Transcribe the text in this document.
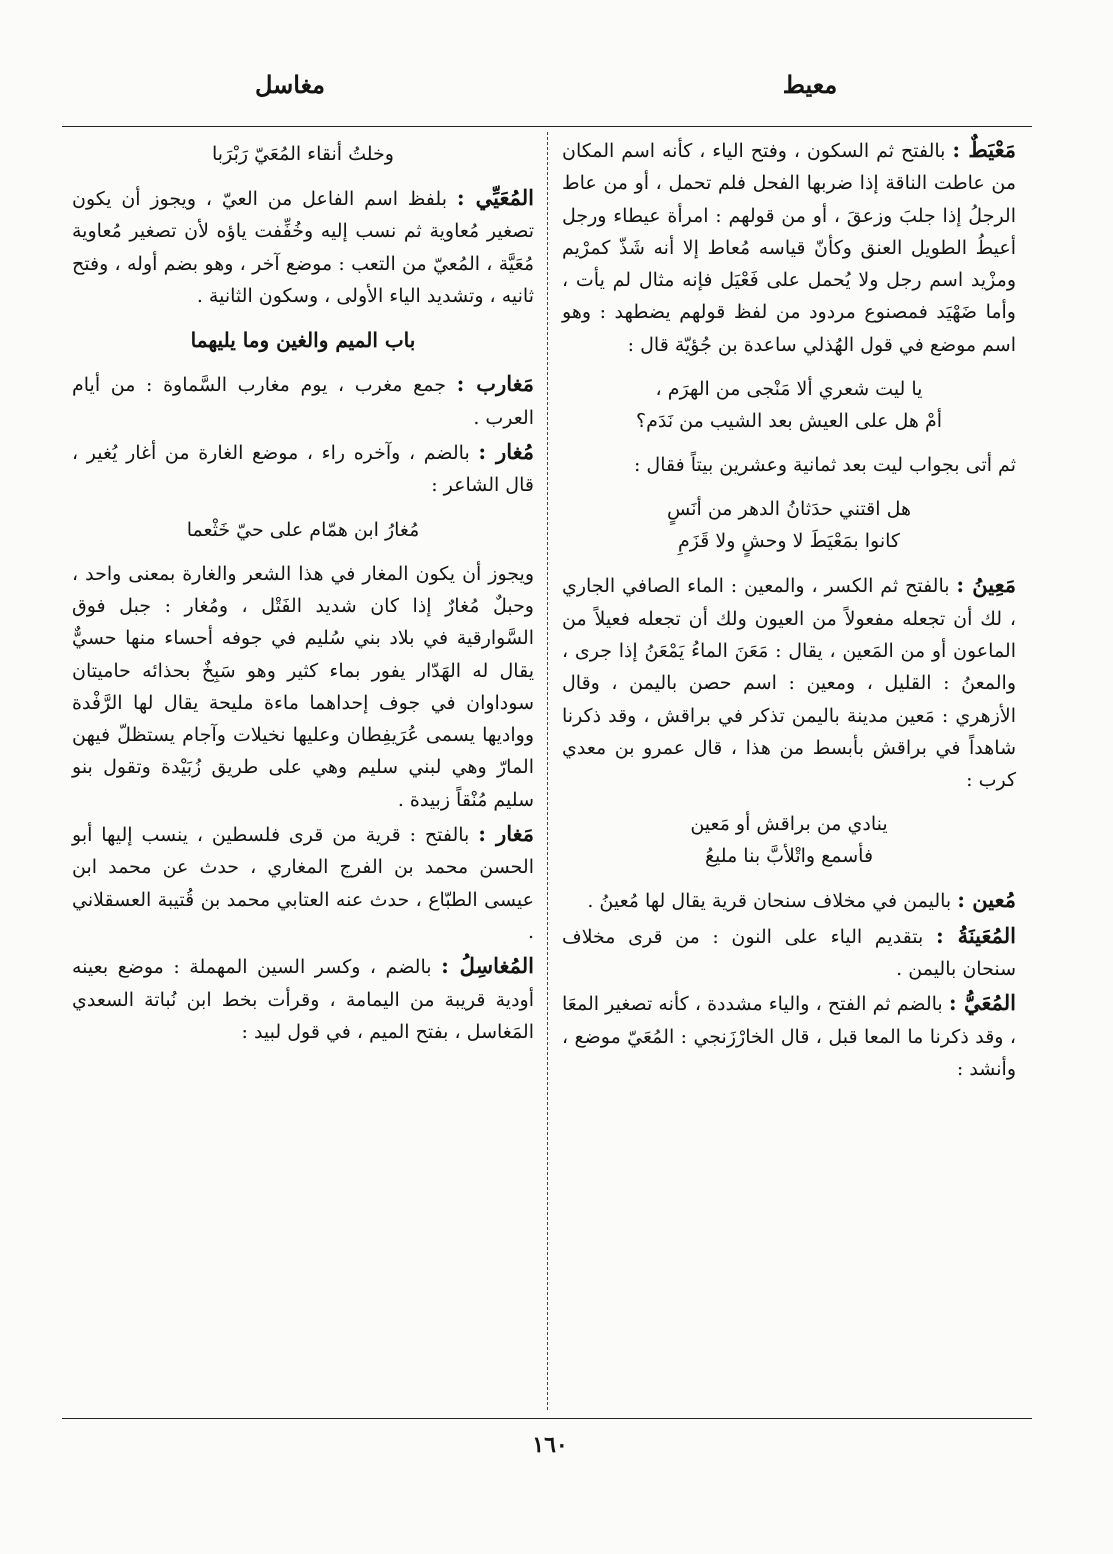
معيط
مغاسل

مَعْيَطٌ : بالفتح ثم السكون ، وفتح الياء ، كأنه اسم المكان من عاطت الناقة إذا ضربها الفحل فلم تحمل ، أو من عاط الرجلُ إذا جلبَ وزعقَ ، أو من قولهم : امرأة عيطاء ورجل أعيطُ الطويل العنق وكأنّ قياسه مُعاط إلا أنه شَذّ كمرْيم ومزْيد اسم رجل ولا يُحمل على فَعْيَل فإنه مثال لم يأت ، وأما ضَهْيَد فمصنوع مردود من لفظ قولهم يضطهد : وهو اسم موضع في قول الهُذلي ساعدة بن جُؤيّة قال :

يا ليت شعري ألا مَنْجى من الهرَم ،
أمْ هل على العيش بعد الشيب من نَدَم؟

ثم أتى بجواب ليت بعد ثمانية وعشرين بيتاً فقال :

هل اقتني حدَثانُ الدهر من أنَسٍ
كانوا بمَعْيَطَ لا وحشٍ ولا قَزَمِ

مَعِينُ : بالفتح ثم الكسر ، والمعين : الماء الصافي الجاري ، لك أن تجعله مفعولاً من العيون ولك أن تجعله فعيلاً من الماعون أو من المَعين ، يقال : مَعَنَ الماءُ يَمْعَنُ إذا جرى ، والمعنُ : القليل ، ومعين : اسم حصن باليمن ، وقال الأزهري : مَعين مدينة باليمن تذكر في براقش ، وقد ذكرنا شاهداً في براقش بأبسط من هذا ، قال عمرو بن معدي كرب :

ينادي من براقش أو مَعين
فأسمع واتْلأبَّ بنا مليعُ

مُعين : باليمن في مخلاف سنحان قرية يقال لها مُعينُ .

المُعَينَةُ : بتقديم الياء على النون : من قرى مخلاف سنحان باليمن .

المُعَيُّ : بالضم ثم الفتح ، والياء مشددة ، كأنه تصغير المعَا ، وقد ذكرنا ما المعا قبل ، قال الخارْزَنجي : المُعَيّ موضع ، وأنشد :

وخلتُ أنقاء المُعَيّ رَبْرَبا

المُعَيِّي : بلفظ اسم الفاعل من العيّ ، ويجوز أن يكون تصغير مُعاوية ثم نسب إليه وخُفِّفت ياؤه لأن تصغير مُعاوية مُعَيَّة ، المُعيّ من التعب : موضع آخر ، وهو بضم أوله ، وفتح ثانيه ، وتشديد الياء الأولى ، وسكون الثانية .

باب الميم والغين وما يليهما

مَغارب : جمع مغرب ، يوم مغارب السَّماوة : من أيام العرب .

مُغار : بالضم ، وآخره راء ، موضع الغارة من أغار يُغير ، قال الشاعر :

مُغارُ ابن همّام على حيّ خَثْعما

ويجوز أن يكون المغار في هذا الشعر والغارة بمعنى واحد ، وحبلٌ مُغارٌ إذا كان شديد الفَتْل ، ومُغار : جبل فوق السَّوارقية في بلاد بني سُليم في جوفه أحساء منها حسيٌّ يقال له الهَدّار يفور بماء كثير وهو سَبِخٌ بحذائه حاميتان سوداوان في جوف إحداهما ماءة مليحة يقال لها الرَّفْدة وواديها يسمى عُرَيفِطان وعليها نخيلات وآجام يستظلّ فيهن المارّ وهي لبني سليم وهي على طريق زُبَيْدة وتقول بنو سليم مُنْقاً زبيدة .

مَغار : بالفتح : قرية من قرى فلسطين ، ينسب إليها أبو الحسن محمد بن الفرج المغاري ، حدث عن محمد ابن عيسى الطبّاع ، حدث عنه العتابي محمد بن قُتيبة العسقلاني .

المُغاسِلُ : بالضم ، وكسر السين المهملة : موضع بعينه أودية قريبة من اليمامة ، وقرأت بخط ابن نُباتة السعدي المَغاسل ، بفتح الميم ، في قول لبيد :

١٦٠
